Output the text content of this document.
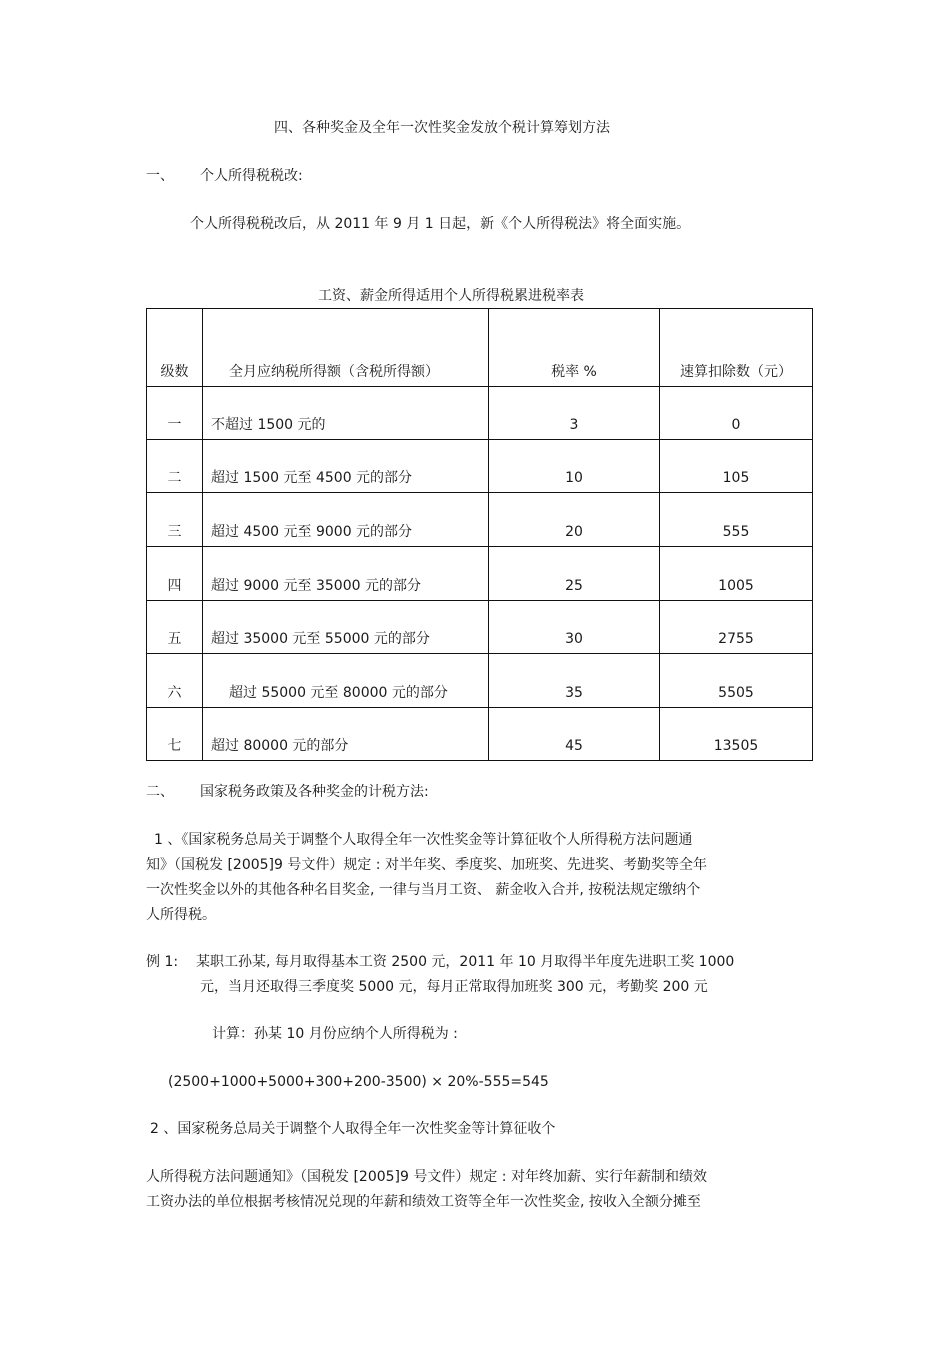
四、各种奖金及全年一次性奖金发放个税计算筹划方法
一、 个人所得税税改:
个人所得税税改后，从 2011 年 9 月 1 日起，新《个人所得税法》将全面实施。
工资、薪金所得适用个人所得税累进税率表
级数	全月应纳税所得额（含税所得额）	税率 %	速算扣除数（元）
一	不超过 1500 元的	3	0
二	超过 1500 元至 4500 元的部分	10	105
三	超过 4500 元至 9000 元的部分	20	555
四	超过 9000 元至 35000 元的部分	25	1005
五	超过 35000 元至 55000 元的部分	30	2755
六	超过 55000 元至 80000 元的部分	35	5505
七	超过 80000 元的部分	45	13505
二、 国家税务政策及各种奖金的计税方法:
1 、《国家税务总局关于调整个人取得全年一次性奖金等计算征收个人所得税方法问题通
知》（国税发 [2005]9 号文件）规定 : 对半年奖、季度奖、加班奖、先进奖、考勤奖等全年
一次性奖金以外的其他各种名目奖金, 一律与当月工资、 薪金收入合并, 按税法规定缴纳个
人所得税。
例 1: 某职工孙某, 每月取得基本工资 2500 元，2011 年 10 月取得半年度先进职工奖 1000
元，当月还取得三季度奖 5000 元，每月正常取得加班奖 300 元，考勤奖 200 元
计算：孙某 10 月份应纳个人所得税为 :
(2500+1000+5000+300+200-3500) × 20%-555=545
2 、国家税务总局关于调整个人取得全年一次性奖金等计算征收个
人所得税方法问题通知》（国税发 [2005]9 号文件）规定 : 对年终加薪、实行年薪制和绩效
工资办法的单位根据考核情况兑现的年薪和绩效工资等全年一次性奖金, 按收入全额分摊至
